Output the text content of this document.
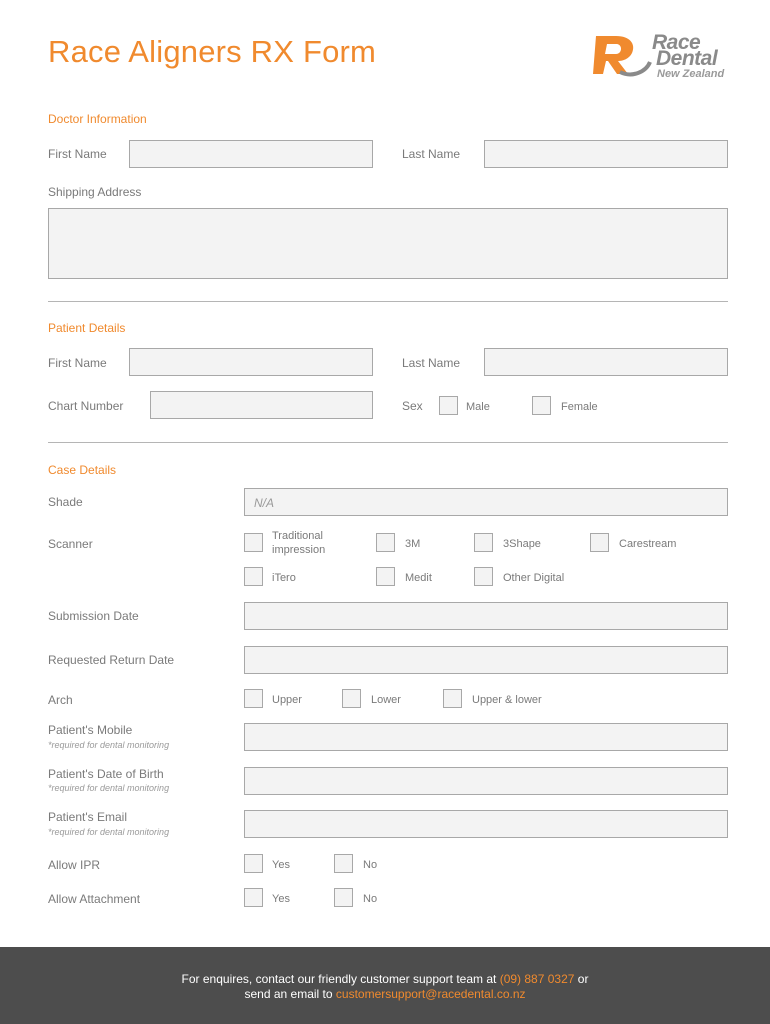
Race Aligners RX Form	Race
Dental
New Zealand
Doctor Information
First Name	Last Name
Shipping Address
Patient Details
First Name	Last Name
Chart Number	Sex	Male	Female
Case Details
Shade	N/A
Scanner
Traditional impression	3M	3Shape	Carestream
iTero	Medit	Other Digital
Submission Date
Requested Return Date
Arch	Upper	Lower	Upper & lower
Patient's Mobile
*required for dental monitoring
Patient's Date of Birth
*required for dental monitoring
Patient's Email
*required for dental monitoring
Allow IPR	Yes	No
Allow Attachment	Yes	No
For enquires, contact our friendly customer support team at (09) 887 0327 or
send an email to customersupport@racedental.co.nz
